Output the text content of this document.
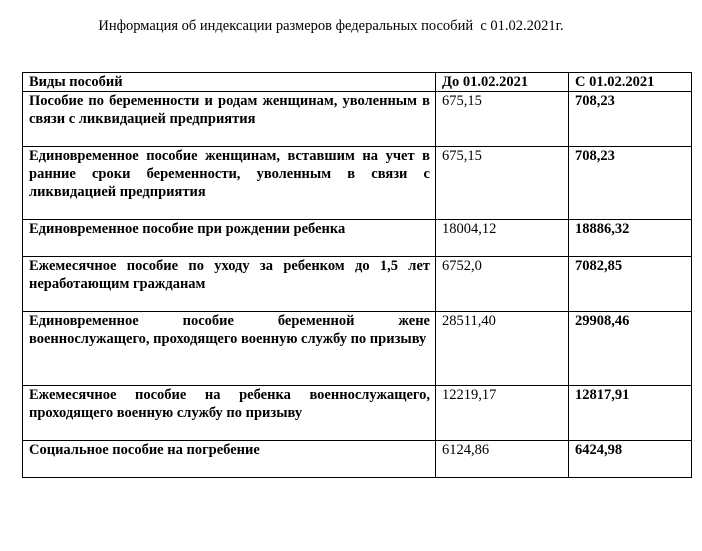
Информация об индексации размеров федеральных пособий  с 01.02.2021г.
Виды пособий	До 01.02.2021	С 01.02.2021
Пособие по беременности и родам женщинам, уволенным в связи с ликвидацией предприятия	675,15	708,23
Единовременное пособие женщинам, вставшим на учет в ранние сроки беременности, уволенным в связи с ликвидацией предприятия	675,15	708,23
Единовременное пособие при рождении ребенка	18004,12	18886,32
Ежемесячное пособие по уходу за ребенком до 1,5 лет неработающим гражданам	6752,0	7082,85
Единовременное пособие беременной жене военнослужащего, проходящего военную службу по призыву	28511,40	29908,46
Ежемесячное пособие на ребенка военнослужащего, проходящего военную службу по призыву	12219,17	12817,91
Социальное пособие на погребение	6124,86	6424,98
